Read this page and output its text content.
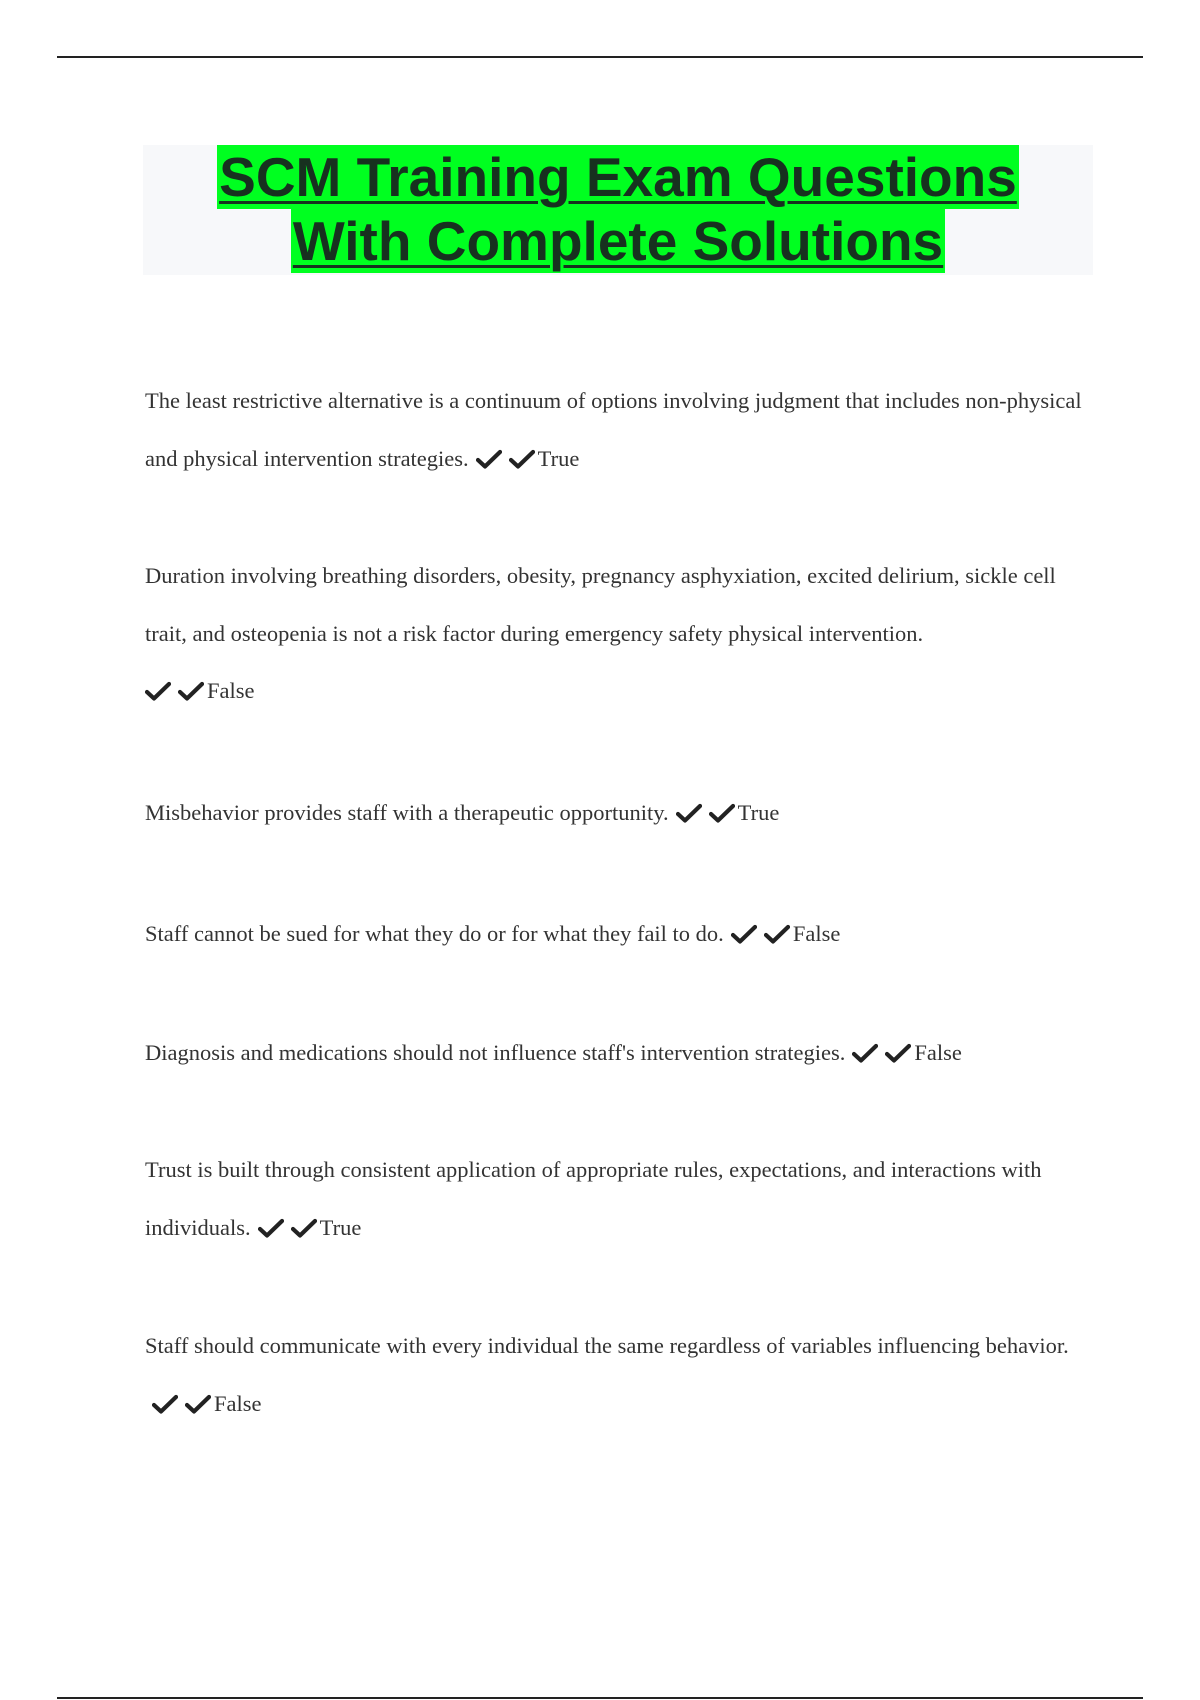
SCM Training Exam Questions
With Complete Solutions
The least restrictive alternative is a continuum of options involving judgment that includes non-physical and physical intervention strategies.	True
Duration involving breathing disorders, obesity, pregnancy asphyxiation, excited delirium, sickle cell trait, and osteopenia is not a risk factor during emergency safety physical intervention.
False
Misbehavior provides staff with a therapeutic opportunity.	True
Staff cannot be sued for what they do or for what they fail to do.	False
Diagnosis and medications should not influence staff's intervention strategies.	False
Trust is built through consistent application of appropriate rules, expectations, and interactions with individuals.	True
Staff should communicate with every individual the same regardless of variables influencing behavior.False
